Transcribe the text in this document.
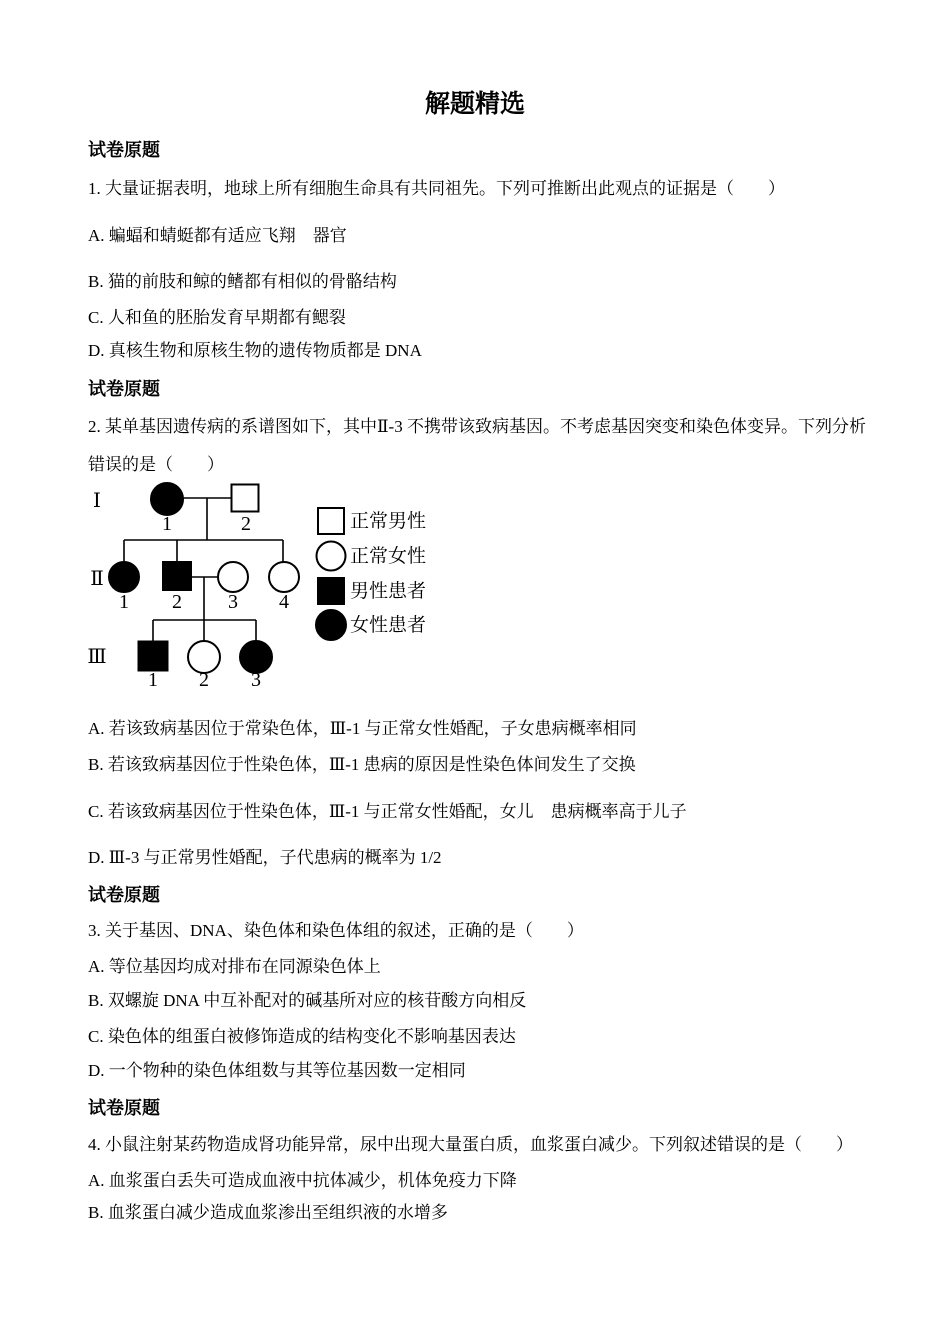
解题精选
试卷原题
1. 大量证据表明，地球上所有细胞生命具有共同祖先。下列可推断出此观点的证据是（　　）
A. 蝙蝠和蜻蜓都有适应飞翔　器官
B. 猫的前肢和鲸的鳍都有相似的骨骼结构
C. 人和鱼的胚胎发育早期都有鳃裂
D. 真核生物和原核生物的遗传物质都是 DNA
试卷原题
2. 某单基因遗传病的系谱图如下，其中Ⅱ-3 不携带该致病基因。不考虑基因突变和染色体变异。下列分析
错误的是（　　）
Ⅰ
Ⅱ
Ⅲ
1	2
1 2 3 4
1 2 3
正常男性
正常女性
男性患者
女性患者
A. 若该致病基因位于常染色体，Ⅲ-1 与正常女性婚配，子女患病概率相同
B. 若该致病基因位于性染色体，Ⅲ-1 患病的原因是性染色体间发生了交换
C. 若该致病基因位于性染色体，Ⅲ-1 与正常女性婚配，女儿　患病概率高于儿子
D. Ⅲ-3 与正常男性婚配，子代患病的概率为 1/2
试卷原题
3. 关于基因、DNA、染色体和染色体组的叙述，正确的是（　　）
A. 等位基因均成对排布在同源染色体上
B. 双螺旋 DNA 中互补配对的碱基所对应的核苷酸方向相反
C. 染色体的组蛋白被修饰造成的结构变化不影响基因表达
D. 一个物种的染色体组数与其等位基因数一定相同
试卷原题
4. 小鼠注射某药物造成肾功能异常，尿中出现大量蛋白质，血浆蛋白减少。下列叙述错误的是（　　）
A. 血浆蛋白丢失可造成血液中抗体减少，机体免疫力下降
B. 血浆蛋白减少造成血浆渗出至组织液的水增多
